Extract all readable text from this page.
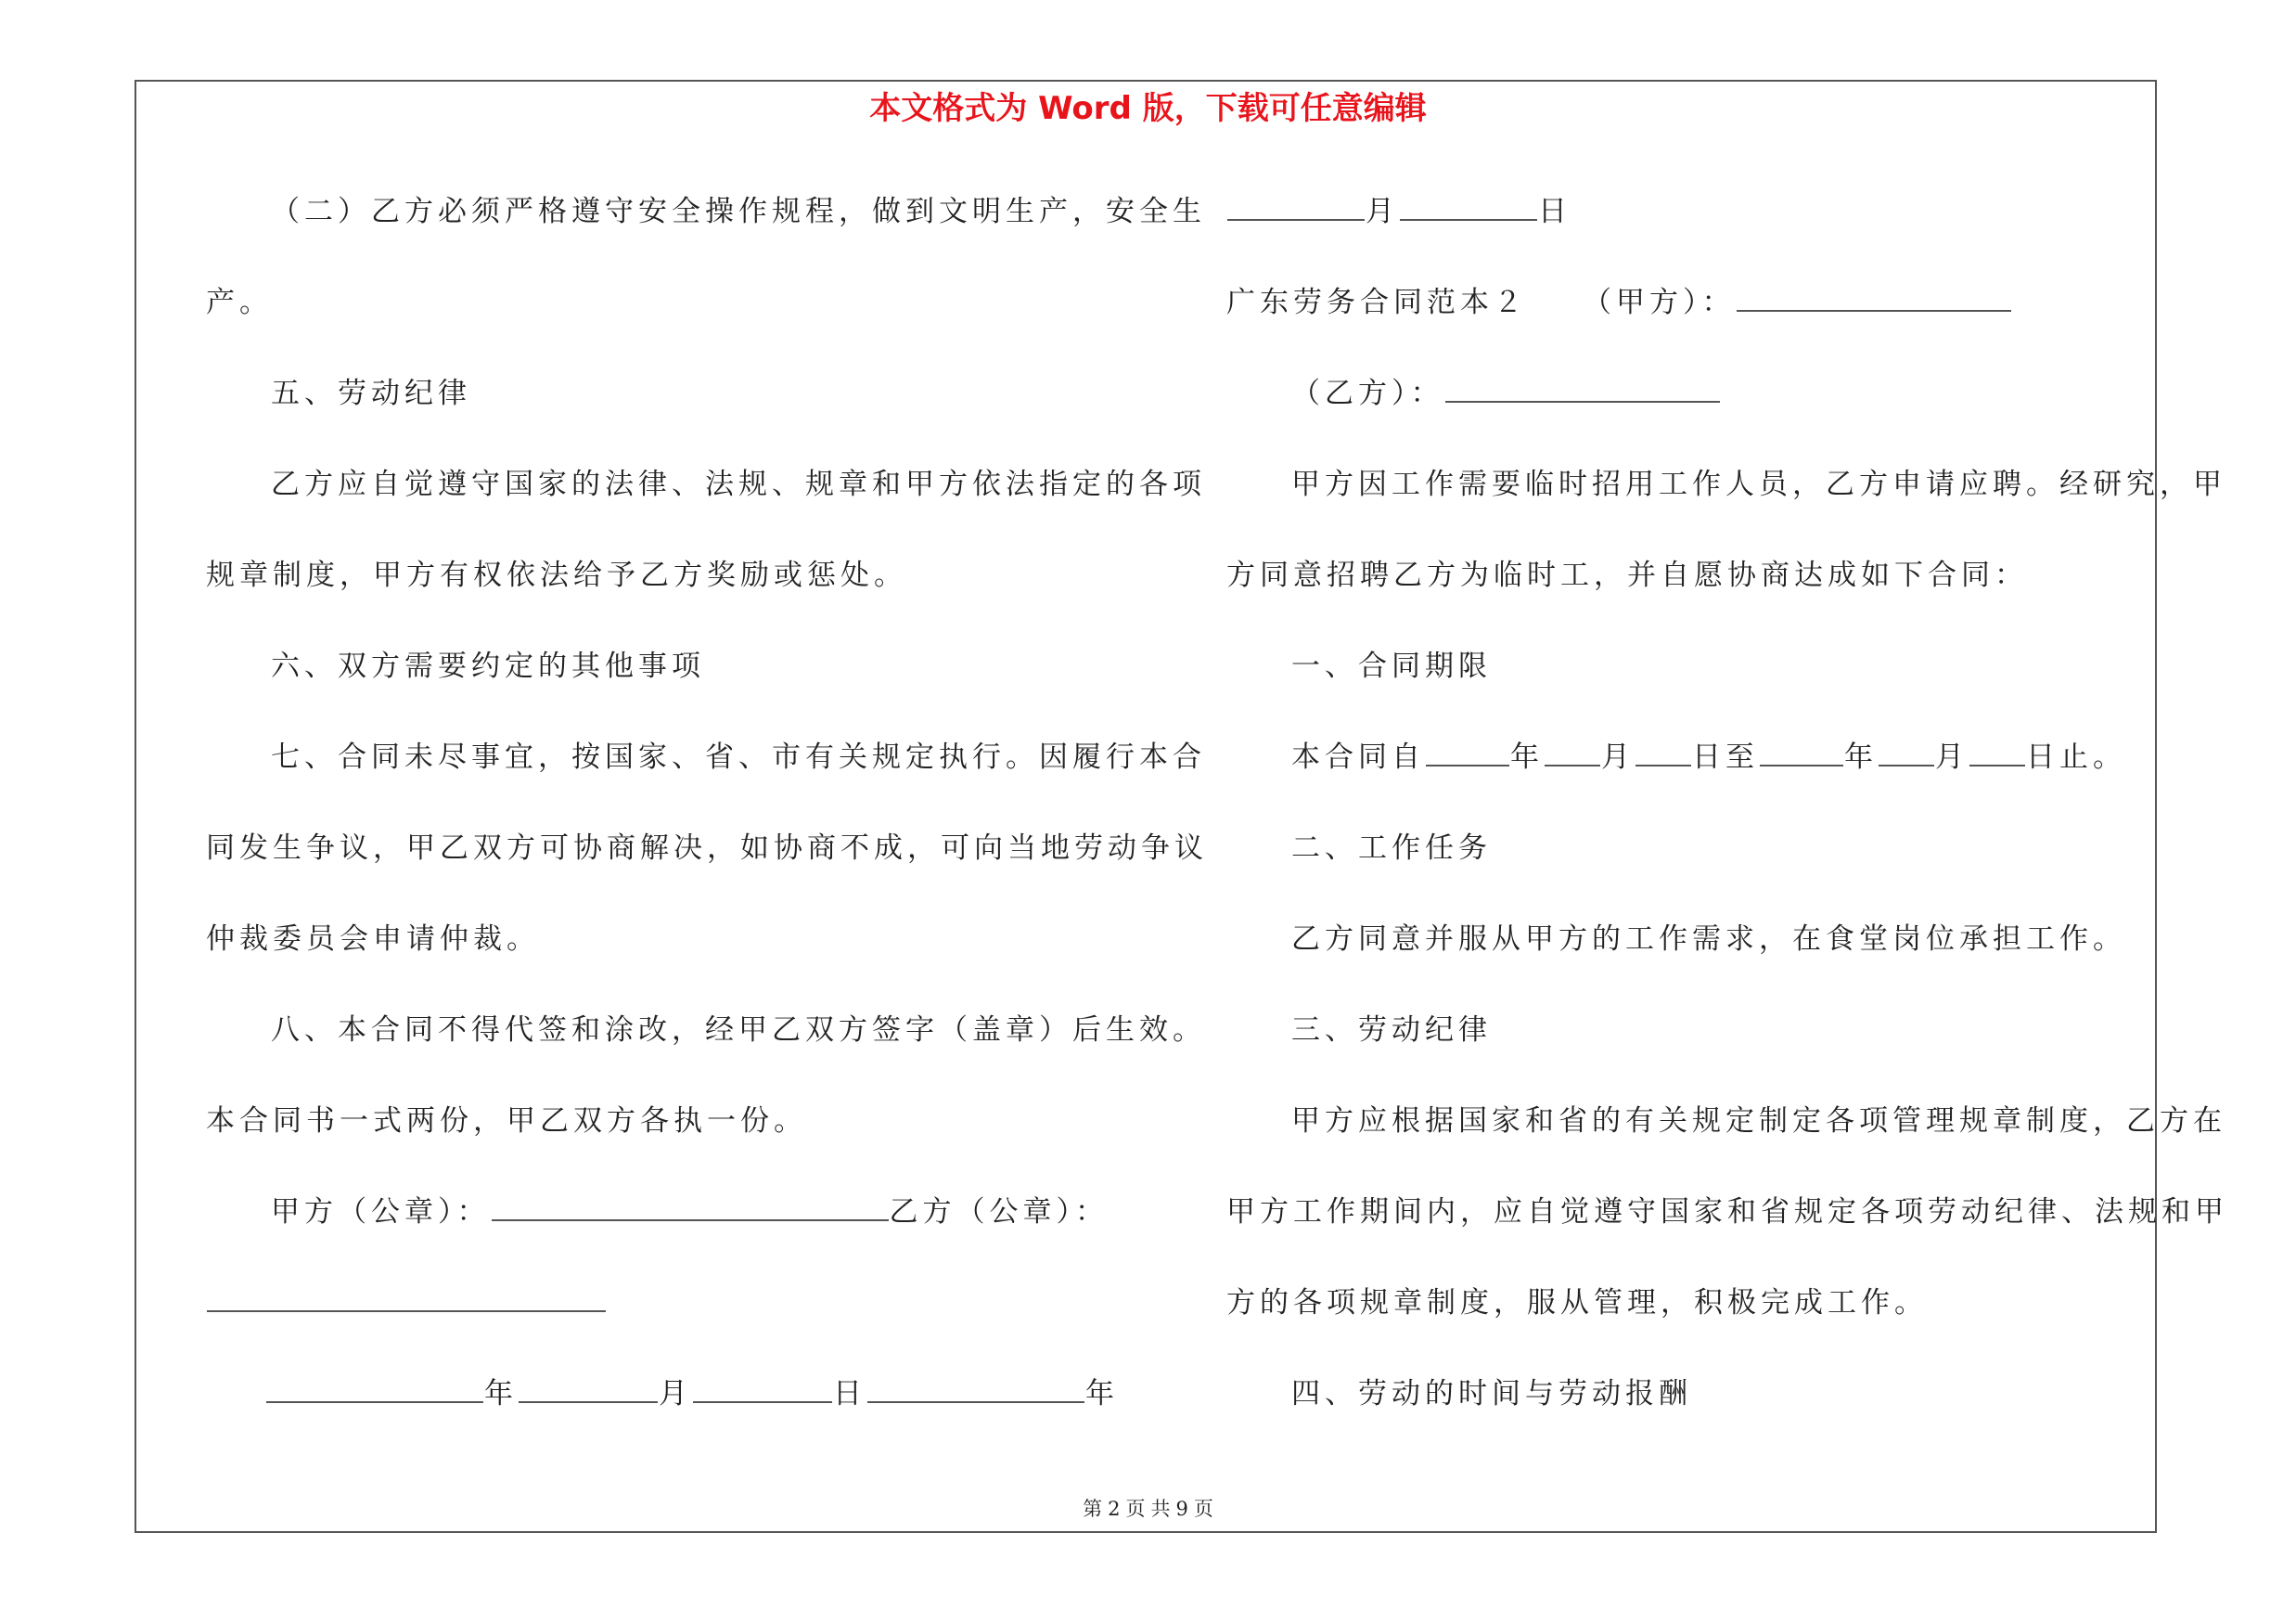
本文格式为 Word 版，下载可任意编辑
（二）乙方必须严格遵守安全操作规程，做到文明生产，安全生
产。
五、劳动纪律
乙方应自觉遵守国家的法律、法规、规章和甲方依法指定的各项
规章制度，甲方有权依法给予乙方奖励或惩处。
六、双方需要约定的其他事项
七、合同未尽事宜，按国家、省、市有关规定执行。因履行本合
同发生争议，甲乙双方可协商解决，如协商不成，可向当地劳动争议
仲裁委员会申请仲裁。
八、本合同不得代签和涂改，经甲乙双方签字（盖章）后生效。
本合同书一式两份，甲乙双方各执一份。
甲方（公章）：	乙方（公章）：
年	月	日	年
月	日
广东劳务合同范本２ （甲方）：
（乙方）：
甲方因工作需要临时招用工作人员，乙方申请应聘。经研究，甲
方同意招聘乙方为临时工，并自愿协商达成如下合同：
一、合同期限
本合同自	年 月 日至	年 月 日止。
二、工作任务
乙方同意并服从甲方的工作需求，在食堂岗位承担工作。
三、劳动纪律
甲方应根据国家和省的有关规定制定各项管理规章制度，乙方在
甲方工作期间内，应自觉遵守国家和省规定各项劳动纪律、法规和甲
方的各项规章制度，服从管理，积极完成工作。
四、劳动的时间与劳动报酬
第 2 页 共 9 页
